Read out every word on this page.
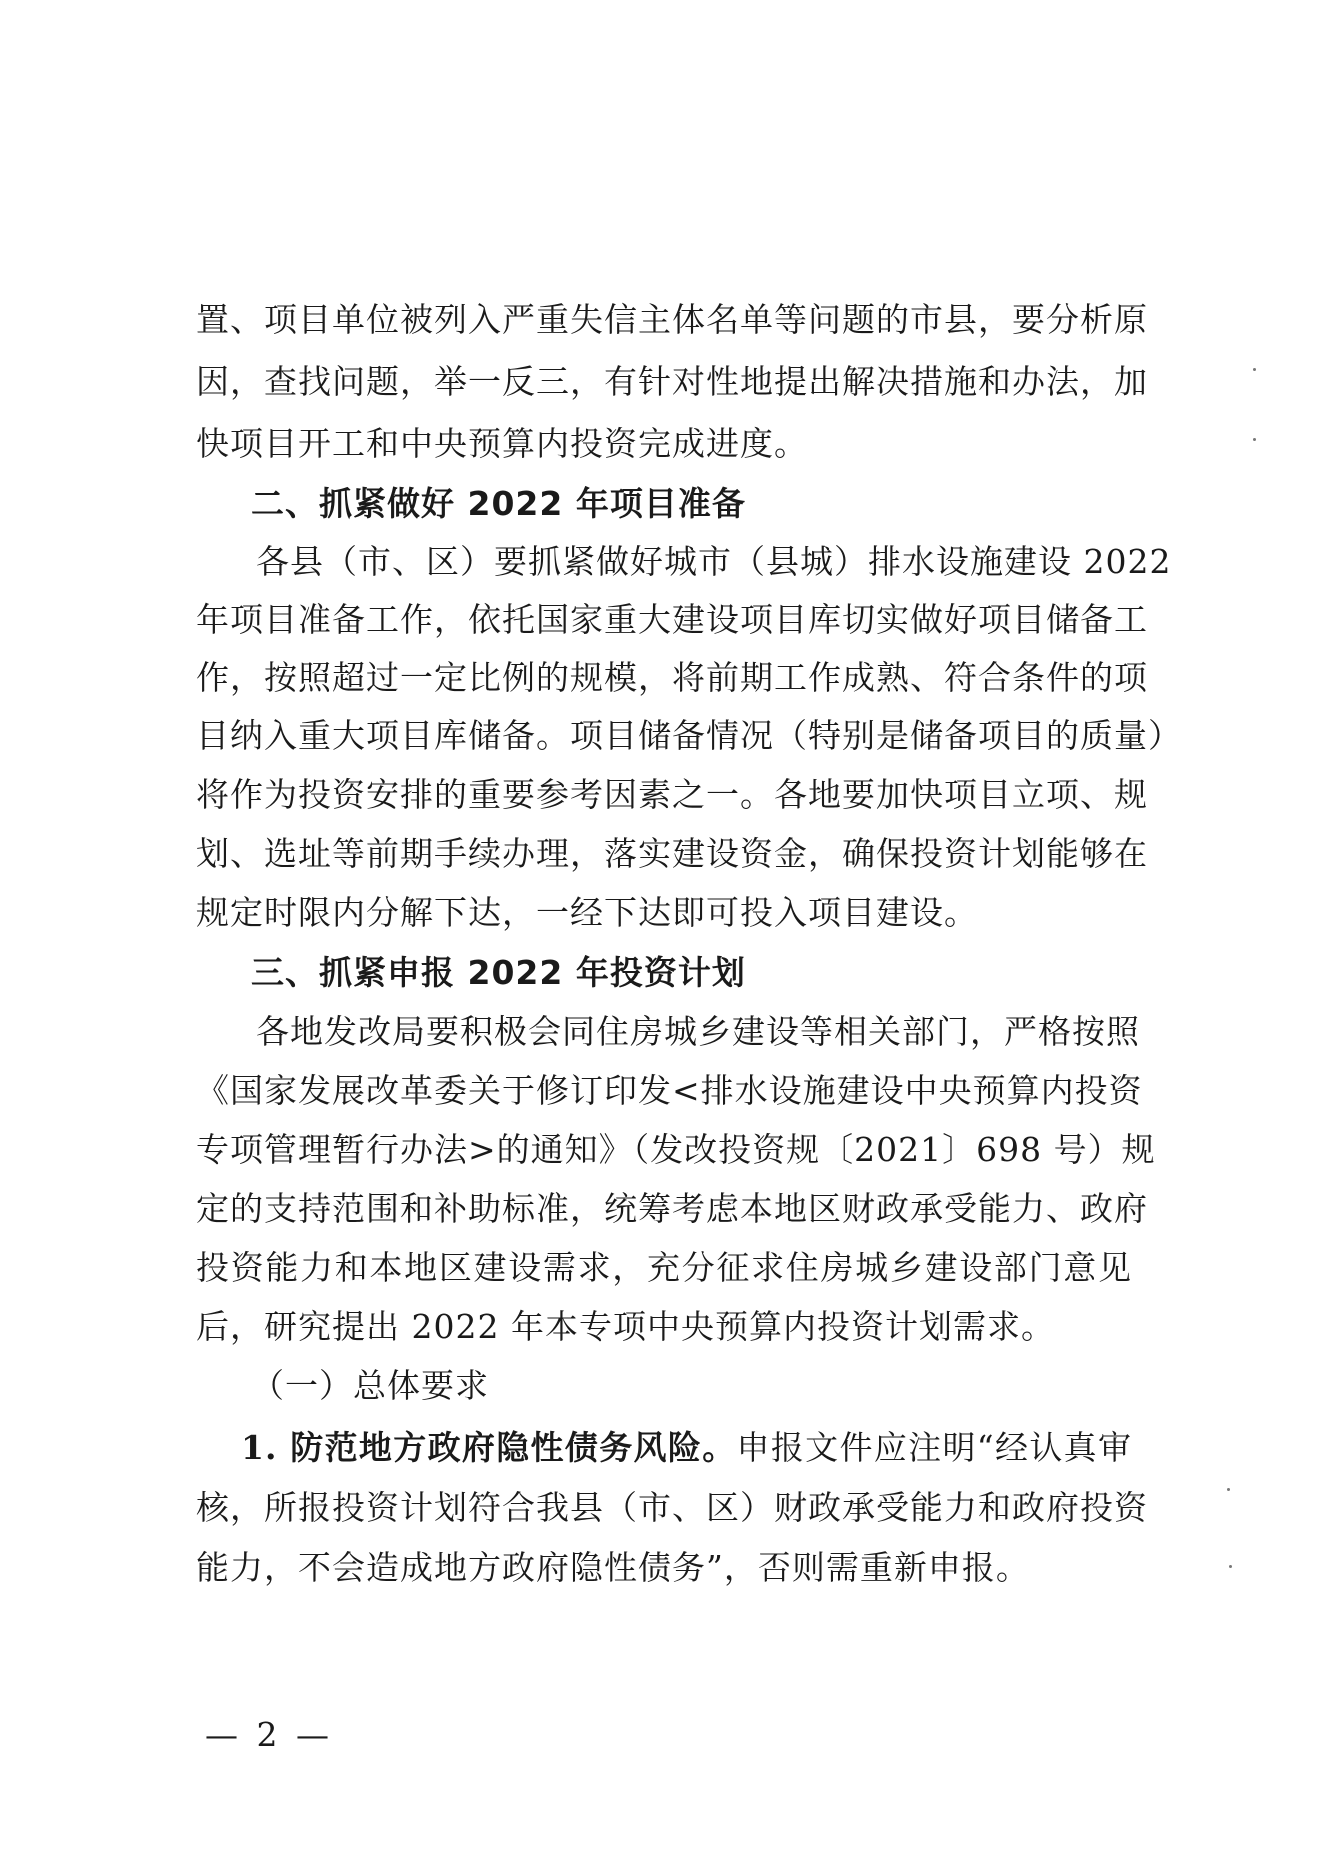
置、项目单位被列入严重失信主体名单等问题的市县，要分析原
因，查找问题，举一反三，有针对性地提出解决措施和办法，加
快项目开工和中央预算内投资完成进度。
二、抓紧做好 2022 年项目准备
各县（市、区）要抓紧做好城市（县城）排水设施建设 2022
年项目准备工作，依托国家重大建设项目库切实做好项目储备工
作，按照超过一定比例的规模，将前期工作成熟、符合条件的项
目纳入重大项目库储备。项目储备情况（特别是储备项目的质量）
将作为投资安排的重要参考因素之一。各地要加快项目立项、规
划、选址等前期手续办理，落实建设资金，确保投资计划能够在
规定时限内分解下达，一经下达即可投入项目建设。
三、抓紧申报 2022 年投资计划
各地发改局要积极会同住房城乡建设等相关部门，严格按照
《国家发展改革委关于修订印发<排水设施建设中央预算内投资
专项管理暂行办法>的通知》（发改投资规〔2021〕698 号）规
定的支持范围和补助标准，统筹考虑本地区财政承受能力、政府
投资能力和本地区建设需求，充分征求住房城乡建设部门意见
后，研究提出 2022 年本专项中央预算内投资计划需求。
（一）总体要求
1. 防范地方政府隐性债务风险。申报文件应注明“经认真审
核，所报投资计划符合我县（市、区）财政承受能力和政府投资
能力，不会造成地方政府隐性债务”，否则需重新申报。
— 2 —
